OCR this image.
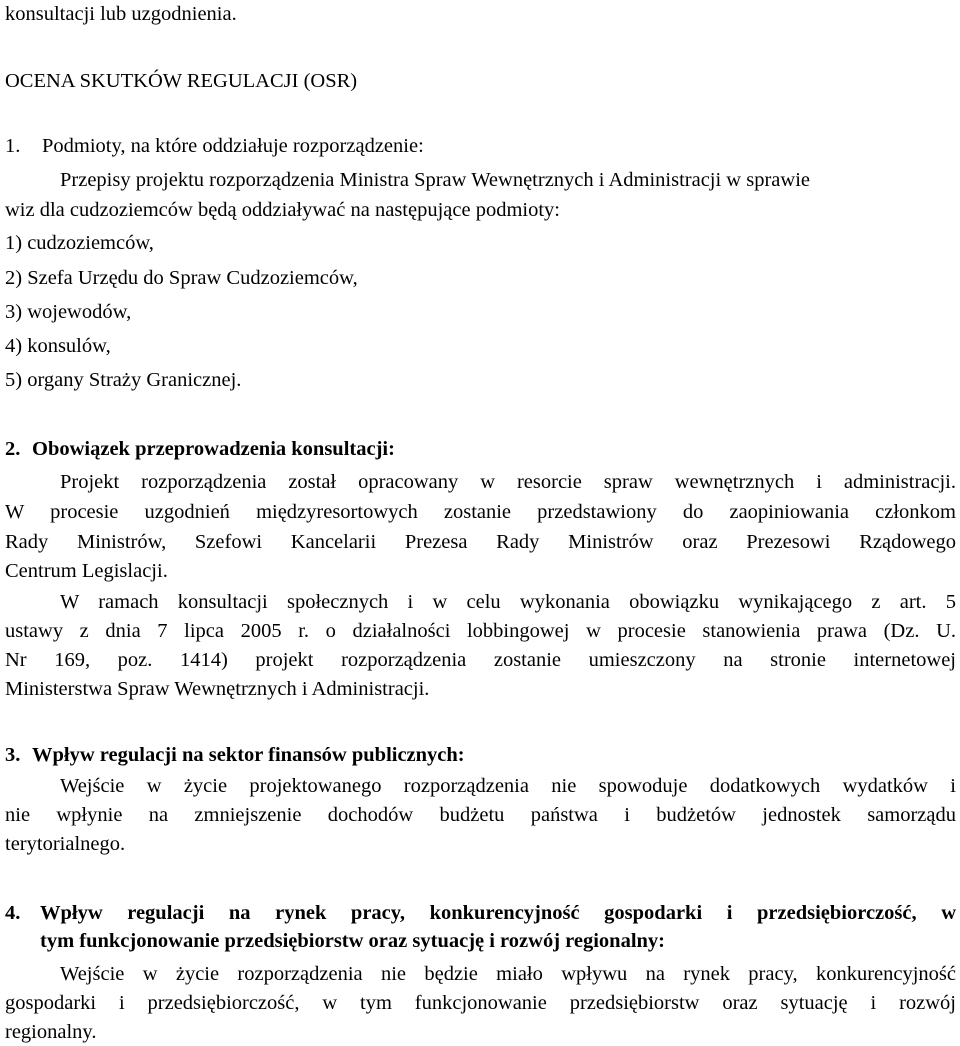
konsultacji lub uzgodnienia.
OCENA SKUTKÓW REGULACJI (OSR)
1. Podmioty, na które oddziałuje rozporządzenie:
Przepisy projektu rozporządzenia Ministra Spraw Wewnętrznych i Administracji w sprawie
wiz dla cudzoziemców będą oddziaływać na następujące podmioty:
1) cudzoziemców,
2) Szefa Urzędu do Spraw Cudzoziemców,
3) wojewodów,
4) konsulów,
5) organy Straży Granicznej.
2. Obowiązek przeprowadzenia konsultacji:
Projekt rozporządzenia został opracowany w resorcie spraw wewnętrznych i administracji.
W procesie uzgodnień międzyresortowych zostanie przedstawiony do zaopiniowania członkom
Rady Ministrów, Szefowi Kancelarii Prezesa Rady Ministrów oraz Prezesowi Rządowego
Centrum Legislacji.
W ramach konsultacji społecznych i w celu wykonania obowiązku wynikającego z art. 5
ustawy z dnia 7 lipca 2005 r. o działalności lobbingowej w procesie stanowienia prawa (Dz. U.
Nr 169, poz. 1414) projekt rozporządzenia zostanie umieszczony na stronie internetowej
Ministerstwa Spraw Wewnętrznych i Administracji.
3. Wpływ regulacji na sektor finansów publicznych:
Wejście w życie projektowanego rozporządzenia nie spowoduje dodatkowych wydatków i
nie wpłynie na zmniejszenie dochodów budżetu państwa i budżetów jednostek samorządu
terytorialnego.
4. Wpływ regulacji na rynek pracy, konkurencyjność gospodarki i przedsiębiorczość, w
tym funkcjonowanie przedsiębiorstw oraz sytuację i rozwój regionalny:
Wejście w życie rozporządzenia nie będzie miało wpływu na rynek pracy, konkurencyjność
gospodarki i przedsiębiorczość, w tym funkcjonowanie przedsiębiorstw oraz sytuację i rozwój
regionalny.
